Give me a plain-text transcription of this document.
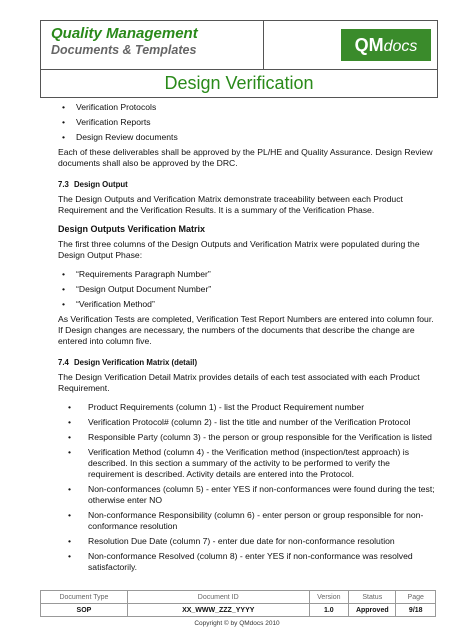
Quality Management
Documents & Templates	QMdocs
Design Verification
• Verification Protocols
• Verification Reports
• Design Review documents

Each of these deliverables shall be approved by the PL/HE and Quality Assurance. Design Review documents shall also be approved by the DRC.

7.3 Design Output

The Design Outputs and Verification Matrix demonstrate traceability between each Product Requirement and the Verification Results. It is a summary of the Verification Phase.

Design Outputs Verification Matrix

The first three columns of the Design Outputs and Verification Matrix were populated during the Design Output Phase:

• “Requirements Paragraph Number”
• “Design Output Document Number”
• “Verification Method”

As Verification Tests are completed, Verification Test Report Numbers are entered into column four. If Design changes are necessary, the numbers of the documents that describe the change are entered into column five.

7.4 Design Verification Matrix (detail)

The Design Verification Detail Matrix provides details of each test associated with each Product Requirement.

• Product Requirements (column 1) - list the Product Requirement number
• Verification Protocol# (column 2) - list the title and number of the Verification Protocol
• Responsible Party (column 3) - the person or group responsible for the Verification is listed
• Verification Method (column 4) - the Verification method (inspection/test approach) is described. In this section a summary of the activity to be performed to verify the requirement is described. Activity details are entered into the Protocol.
• Non-conformances (column 5) - enter YES if non-conformances were found during the test; otherwise enter NO
• Non-conformance Responsibility (column 6) - enter person or group responsible for non-conformance resolution
• Resolution Due Date (column 7) - enter due date for non-conformance resolution
• Non-conformance Resolved (column 8) - enter YES if non-conformance was resolved satisfactorily.
Document Type	Document ID	Version	Status	Page
SOP	XX_WWW_ZZZ_YYYY	1.0	Approved	9/18
Copyright © by QMdocs 2010
